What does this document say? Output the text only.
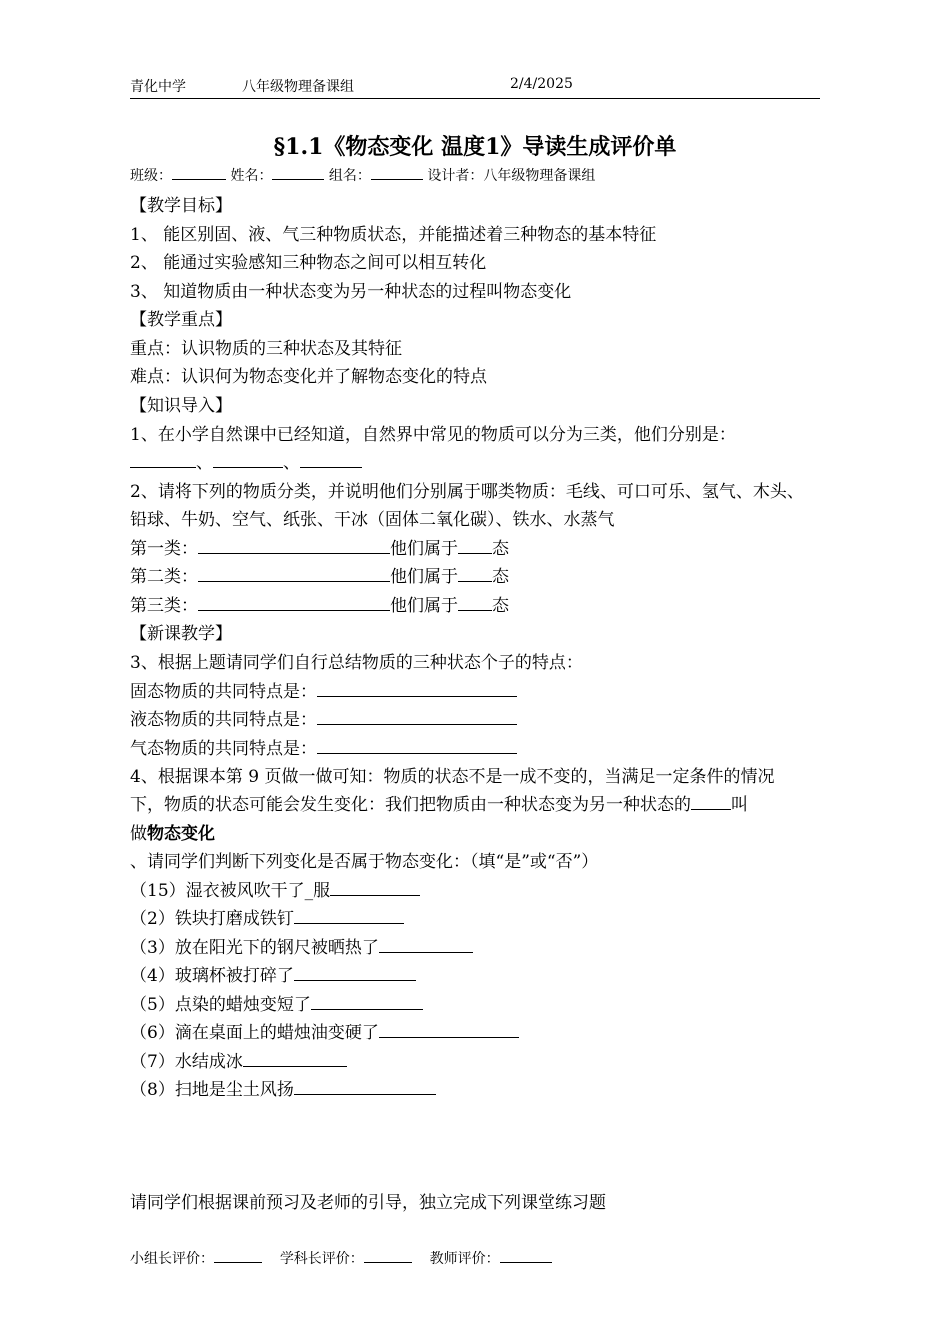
青化中学	八年级物理备课组	2/4/2025
§1.1《物态变化 温度1》导读生成评价单
班级：	姓名：	组名：	设计者：八年级物理备课组
【教学目标】
1、 能区别固、液、气三种物质状态，并能描述着三种物态的基本特征
2、 能通过实验感知三种物态之间可以相互转化
3、 知道物质由一种状态变为另一种状态的过程叫物态变化
【教学重点】
重点：认识物质的三种状态及其特征
难点：认识何为物态变化并了解物态变化的特点
【知识导入】
1、在小学自然课中已经知道，自然界中常见的物质可以分为三类，他们分别是：
、	、
2、请将下列的物质分类，并说明他们分别属于哪类物质：毛线、可口可乐、氢气、木头、
铅球、牛奶、空气、纸张、干冰（固体二氧化碳）、铁水、水蒸气
第一类：	他们属于 态
第二类：	他们属于 态
第三类：	他们属于 态
【新课教学】
3、根据上题请同学们自行总结物质的三种状态个子的特点：
固态物质的共同特点是：
液态物质的共同特点是：
气态物质的共同特点是：
4、根据课本第 9 页做一做可知：物质的状态不是一成不变的，当满足一定条件的情况
下，物质的状态可能会发生变化：我们把物质由一种状态变为另一种状态的 叫
做物态变化
、请同学们判断下列变化是否属于物态变化：（填“是”或“否”）
（15）湿衣被风吹干了_服
（2）铁块打磨成铁钉
（3）放在阳光下的钢尺被晒热了
（4）玻璃杯被打碎了
（5）点染的蜡烛变短了
（6）滴在桌面上的蜡烛油变硬了
（7）水结成冰
（8）扫地是尘土风扬
请同学们根据课前预习及老师的引导，独立完成下列课堂练习题
小组长评价：	学科长评价：	教师评价：
